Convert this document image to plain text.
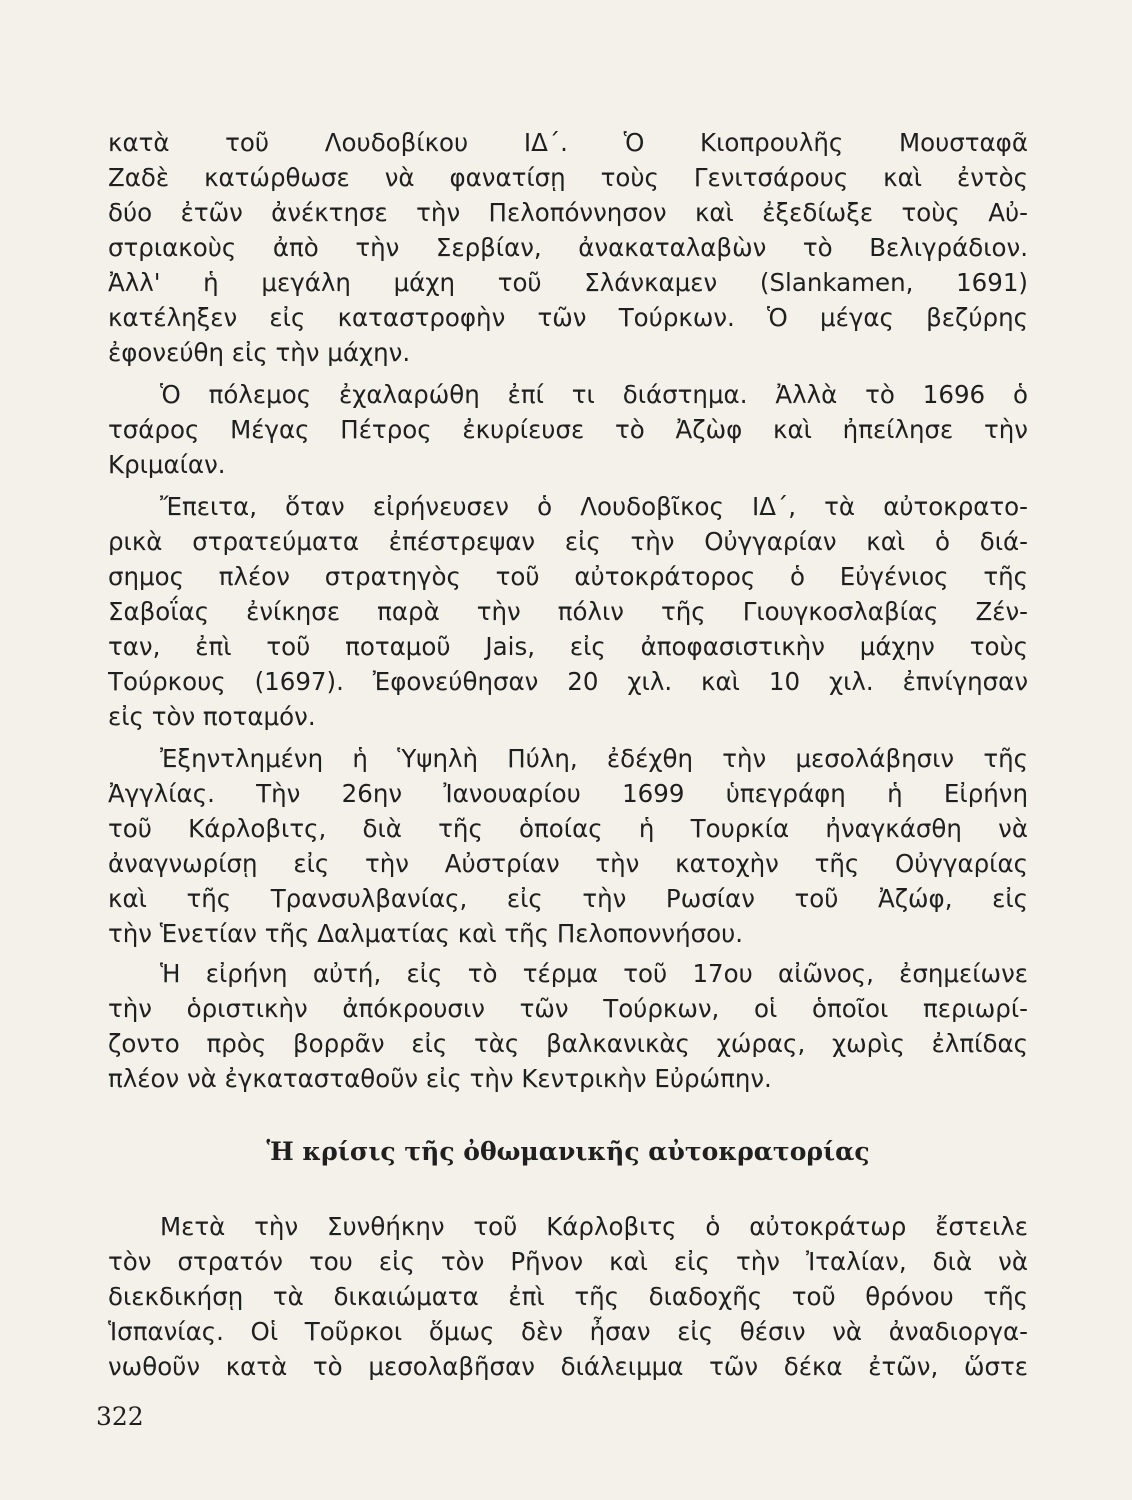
κατὰ τοῦ Λουδοβίκου ΙΔ΄. Ὁ Κιοπρουλῆς Μουσταφᾶ
Ζαδὲ κατώρθωσε νὰ φανατίσῃ τοὺς Γενιτσάρους καὶ ἐντὸς
δύο ἐτῶν ἀνέκτησε τὴν Πελοπόννησον καὶ ἐξεδίωξε τοὺς Αὐ-
στριακοὺς ἀπὸ τὴν Σερβίαν, ἀνακαταλαβὼν τὸ Βελιγράδιον.
Ἀλλ' ἡ μεγάλη μάχη τοῦ Σλάνκαμεν (Slankamen, 1691)
κατέληξεν εἰς καταστροφὴν τῶν Τούρκων. Ὁ μέγας βεζύρης
ἐφονεύθη εἰς τὴν μάχην.
Ὁ πόλεμος ἐχαλαρώθη ἐπί τι διάστημα. Ἀλλὰ τὸ 1696 ὁ
τσάρος Μέγας Πέτρος ἐκυρίευσε τὸ Ἀζὼφ καὶ ἠπείλησε τὴν
Κριμαίαν.
Ἔπειτα, ὅταν εἰρήνευσεν ὁ Λουδοβῖκος ΙΔ΄, τὰ αὐτοκρατο-
ρικὰ στρατεύματα ἐπέστρεψαν εἰς τὴν Οὐγγαρίαν καὶ ὁ διά-
σημος πλέον στρατηγὸς τοῦ αὐτοκράτορος ὁ Εὐγένιος τῆς
Σαβοΐας ἐνίκησε παρὰ τὴν πόλιν τῆς Γιουγκοσλαβίας Ζέν-
ταν, ἐπὶ τοῦ ποταμοῦ Jais, εἰς ἀποφασιστικὴν μάχην τοὺς
Τούρκους (1697). Ἐφονεύθησαν 20 χιλ. καὶ 10 χιλ. ἐπνίγησαν
εἰς τὸν ποταμόν.
Ἐξηντλημένη ἡ Ὑψηλὴ Πύλη, ἐδέχθη τὴν μεσολάβησιν τῆς
Ἀγγλίας. Τὴν 26ην Ἰανουαρίου 1699 ὑπεγράφη ἡ Εἰρήνη
τοῦ Κάρλοβιτς, διὰ τῆς ὁποίας ἡ Τουρκία ἠναγκάσθη νὰ
ἀναγνωρίσῃ εἰς τὴν Αὐστρίαν τὴν κατοχὴν τῆς Οὐγγαρίας
καὶ τῆς Τρανσυλβανίας, εἰς τὴν Ρωσίαν τοῦ Ἀζώφ, εἰς
τὴν Ἑνετίαν τῆς Δαλματίας καὶ τῆς Πελοποννήσου.
Ἡ εἰρήνη αὐτή, εἰς τὸ τέρμα τοῦ 17ου αἰῶνος, ἐσημείωνε
τὴν ὁριστικὴν ἀπόκρουσιν τῶν Τούρκων, οἱ ὁποῖοι περιωρί-
ζοντο πρὸς βορρᾶν εἰς τὰς βαλκανικὰς χώρας, χωρὶς ἐλπίδας
πλέον νὰ ἐγκατασταθοῦν εἰς τὴν Κεντρικὴν Εὐρώπην.
Ἡ κρίσις τῆς ὀθωμανικῆς αὐτοκρατορίας
Μετὰ τὴν Συνθήκην τοῦ Κάρλοβιτς ὁ αὐτοκράτωρ ἔστειλε
τὸν στρατόν του εἰς τὸν Ρῆνον καὶ εἰς τὴν Ἰταλίαν, διὰ νὰ
διεκδικήσῃ τὰ δικαιώματα ἐπὶ τῆς διαδοχῆς τοῦ θρόνου τῆς
Ἱσπανίας. Οἱ Τοῦρκοι ὅμως δὲν ἦσαν εἰς θέσιν νὰ ἀναδιοργα-
νωθοῦν κατὰ τὸ μεσολαβῆσαν διάλειμμα τῶν δέκα ἐτῶν, ὥστε
322
